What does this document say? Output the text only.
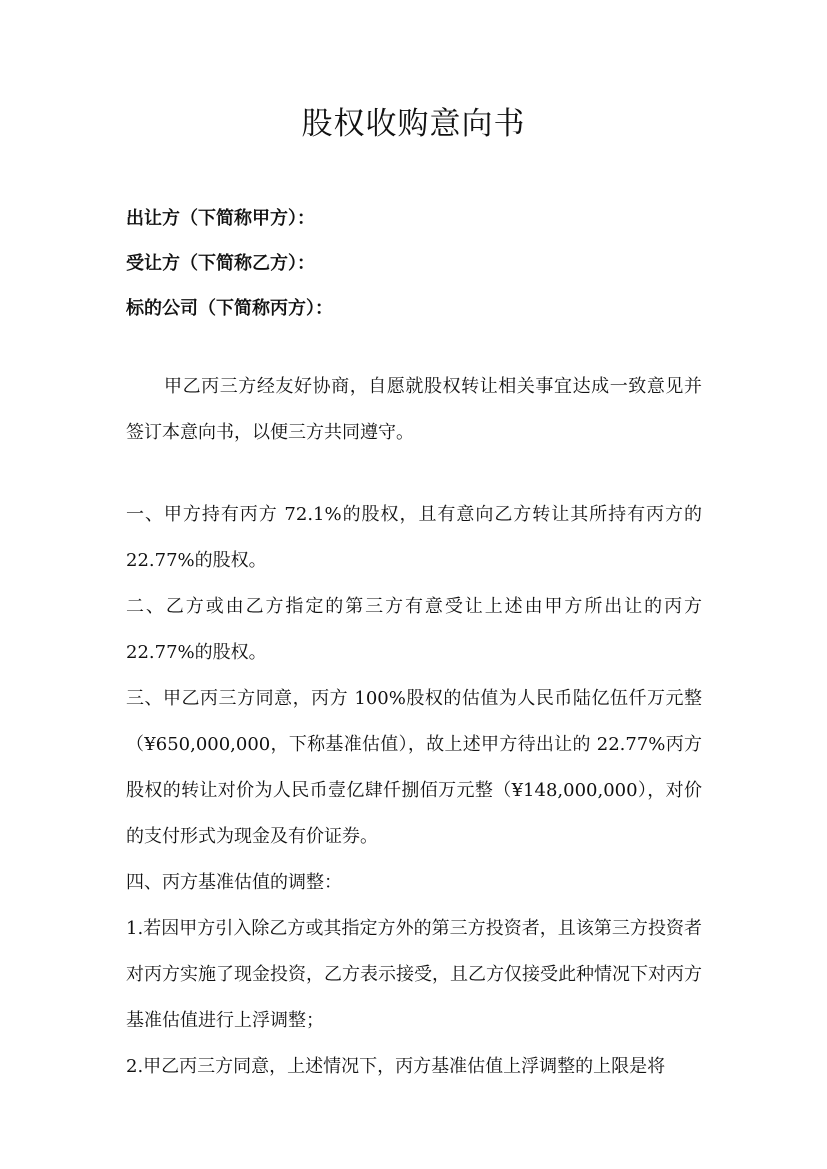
股权收购意向书
出让方（下简称甲方）：
受让方（下简称乙方）：
标的公司（下简称丙方）：

甲乙丙三方经友好协商，自愿就股权转让相关事宜达成一致意见并签订本意向书，以便三方共同遵守。

一、甲方持有丙方 72.1%的股权，且有意向乙方转让其所持有丙方的22.77%的股权。

二、乙方或由乙方指定的第三方有意受让上述由甲方所出让的丙方22.77%的股权。

三、甲乙丙三方同意，丙方 100%股权的估值为人民币陆亿伍仟万元整（¥650,000,000，下称基准估值），故上述甲方待出让的 22.77%丙方股权的转让对价为人民币壹亿肆仟捌佰万元整（¥148,000,000），对价的支付形式为现金及有价证券。

四、丙方基准估值的调整：

1.若因甲方引入除乙方或其指定方外的第三方投资者，且该第三方投资者对丙方实施了现金投资，乙方表示接受，且乙方仅接受此种情况下对丙方基准估值进行上浮调整；

2.甲乙丙三方同意，上述情况下，丙方基准估值上浮调整的上限是将
